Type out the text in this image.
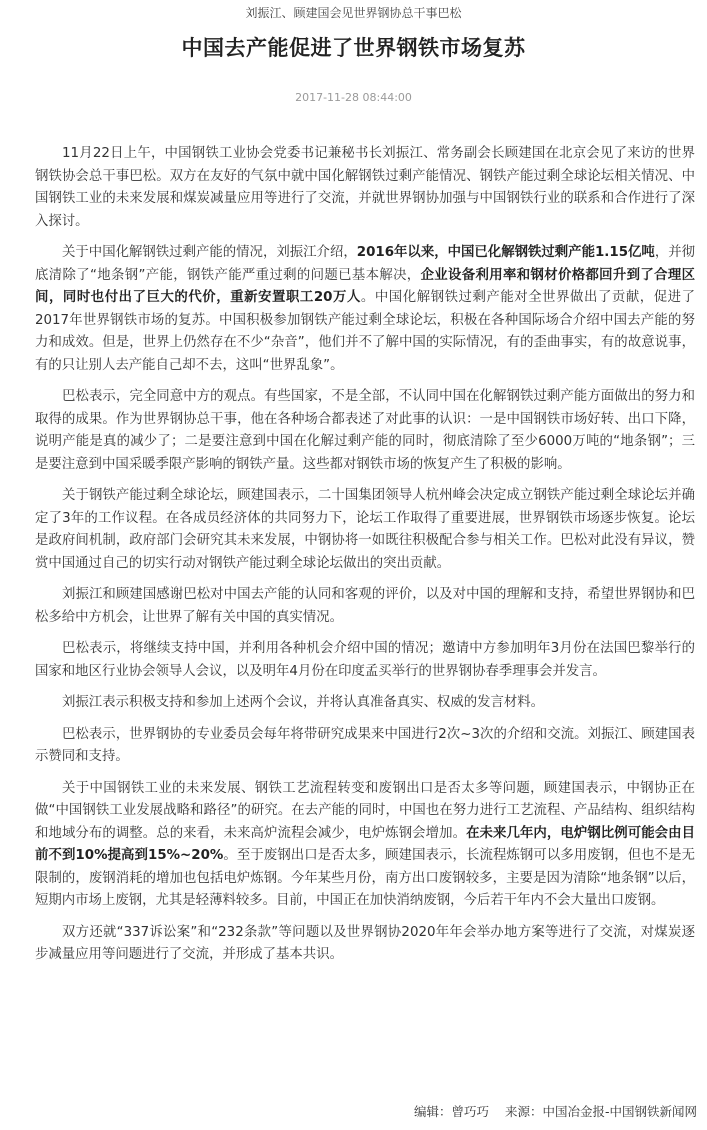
刘振江、顾建国会见世界钢协总干事巴松
中国去产能促进了世界钢铁市场复苏
2017-11-28 08:44:00

11月22日上午，中国钢铁工业协会党委书记兼秘书长刘振江、常务副会长顾建国在北京会见了来访的世界钢铁协会总干事巴松。双方在友好的气氛中就中国化解钢铁过剩产能情况、钢铁产能过剩全球论坛相关情况、中国钢铁工业的未来发展和煤炭减量应用等进行了交流，并就世界钢协加强与中国钢铁行业的联系和合作进行了深入探讨。

关于中国化解钢铁过剩产能的情况，刘振江介绍，2016年以来，中国已化解钢铁过剩产能1.15亿吨，并彻底清除了“地条钢”产能，钢铁产能严重过剩的问题已基本解决，企业设备利用率和钢材价格都回升到了合理区间，同时也付出了巨大的代价，重新安置职工20万人。中国化解钢铁过剩产能对全世界做出了贡献，促进了2017年世界钢铁市场的复苏。中国积极参加钢铁产能过剩全球论坛，积极在各种国际场合介绍中国去产能的努力和成效。但是，世界上仍然存在不少“杂音”，他们并不了解中国的实际情况，有的歪曲事实，有的故意说事，有的只让别人去产能自己却不去，这叫“世界乱象”。

巴松表示，完全同意中方的观点。有些国家，不是全部，不认同中国在化解钢铁过剩产能方面做出的努力和取得的成果。作为世界钢协总干事，他在各种场合都表述了对此事的认识：一是中国钢铁市场好转、出口下降，说明产能是真的减少了；二是要注意到中国在化解过剩产能的同时，彻底清除了至少6000万吨的“地条钢”；三是要注意到中国采暖季限产影响的钢铁产量。这些都对钢铁市场的恢复产生了积极的影响。

关于钢铁产能过剩全球论坛，顾建国表示，二十国集团领导人杭州峰会决定成立钢铁产能过剩全球论坛并确定了3年的工作议程。在各成员经济体的共同努力下，论坛工作取得了重要进展，世界钢铁市场逐步恢复。论坛是政府间机制，政府部门会研究其未来发展，中钢协将一如既往积极配合参与相关工作。巴松对此没有异议，赞赏中国通过自己的切实行动对钢铁产能过剩全球论坛做出的突出贡献。

刘振江和顾建国感谢巴松对中国去产能的认同和客观的评价，以及对中国的理解和支持，希望世界钢协和巴松多给中方机会，让世界了解有关中国的真实情况。

巴松表示，将继续支持中国，并利用各种机会介绍中国的情况；邀请中方参加明年3月份在法国巴黎举行的国家和地区行业协会领导人会议，以及明年4月份在印度孟买举行的世界钢协春季理事会并发言。

刘振江表示积极支持和参加上述两个会议，并将认真准备真实、权威的发言材料。

巴松表示，世界钢协的专业委员会每年将带研究成果来中国进行2次~3次的介绍和交流。刘振江、顾建国表示赞同和支持。

关于中国钢铁工业的未来发展、钢铁工艺流程转变和废钢出口是否太多等问题，顾建国表示，中钢协正在做“中国钢铁工业发展战略和路径”的研究。在去产能的同时，中国也在努力进行工艺流程、产品结构、组织结构和地域分布的调整。总的来看，未来高炉流程会减少，电炉炼钢会增加。在未来几年内，电炉钢比例可能会由目前不到10%提高到15%~20%。至于废钢出口是否太多，顾建国表示，长流程炼钢可以多用废钢，但也不是无限制的，废钢消耗的增加也包括电炉炼钢。今年某些月份，南方出口废钢较多，主要是因为清除“地条钢”以后，短期内市场上废钢，尤其是轻薄料较多。目前，中国正在加快消纳废钢，今后若干年内不会大量出口废钢。

双方还就“337诉讼案”和“232条款”等问题以及世界钢协2020年年会举办地方案等进行了交流，对煤炭逐步减量应用等问题进行了交流，并形成了基本共识。

编辑：曾巧巧 来源：中国冶金报-中国钢铁新闻网
